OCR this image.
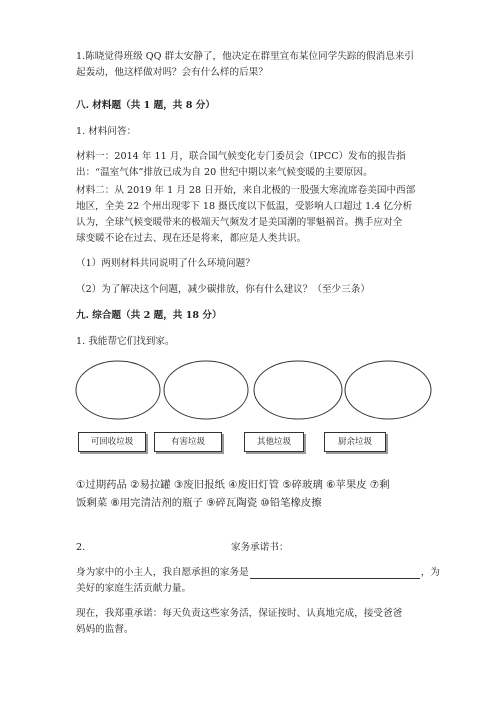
1.陈晓觉得班级 QQ 群太安静了，他决定在群里宣布某位同学失踪的假消息来引
起轰动，他这样做对吗？会有什么样的后果？
八. 材料题（共 1 题，共 8 分）
1. 材料问答：
材料一：2014 年 11 月，联合国气候变化专门委员会（IPCC）发布的报告指
出：“温室气体”排放已成为自 20 世纪中期以来气候变暖的主要原因。
材料二：从 2019 年 1 月 28 日开始，来自北极的一股强大寒流席卷美国中西部
地区，全美 22 个州出现零下 18 摄氏度以下低温，受影响人口超过 1.4 亿分析
认为，全球气候变暖带来的极端天气频发才是美国潮的罪魁祸首。携手应对全
球变暖不论在过去、现在还是将来，都应是人类共识。
（1）两则材料共同说明了什么环境问题？
（2）为了解决这个问题，减少碳排放，你有什么建议？（至少三条）
九. 综合题（共 2 题，共 18 分）
1. 我能帮它们找到家。
可回收垃圾	有害垃圾	其他垃圾	厨余垃圾
①过期药品 ②易拉罐 ③废旧报纸 ④废旧灯管 ⑤碎玻璃 ⑥苹果皮 ⑦剩
饭剩菜 ⑧用完清洁剂的瓶子 ⑨碎瓦陶瓷 ⑩铅笔橡皮擦
2.	家务承诺书：
身为家中的小主人，我自愿承担的家务是	，为
美好的家庭生活贡献力量。
现在，我郑重承诺：每天负责这些家务活，保证按时、认真地完成，接受爸爸
妈妈的监督。
